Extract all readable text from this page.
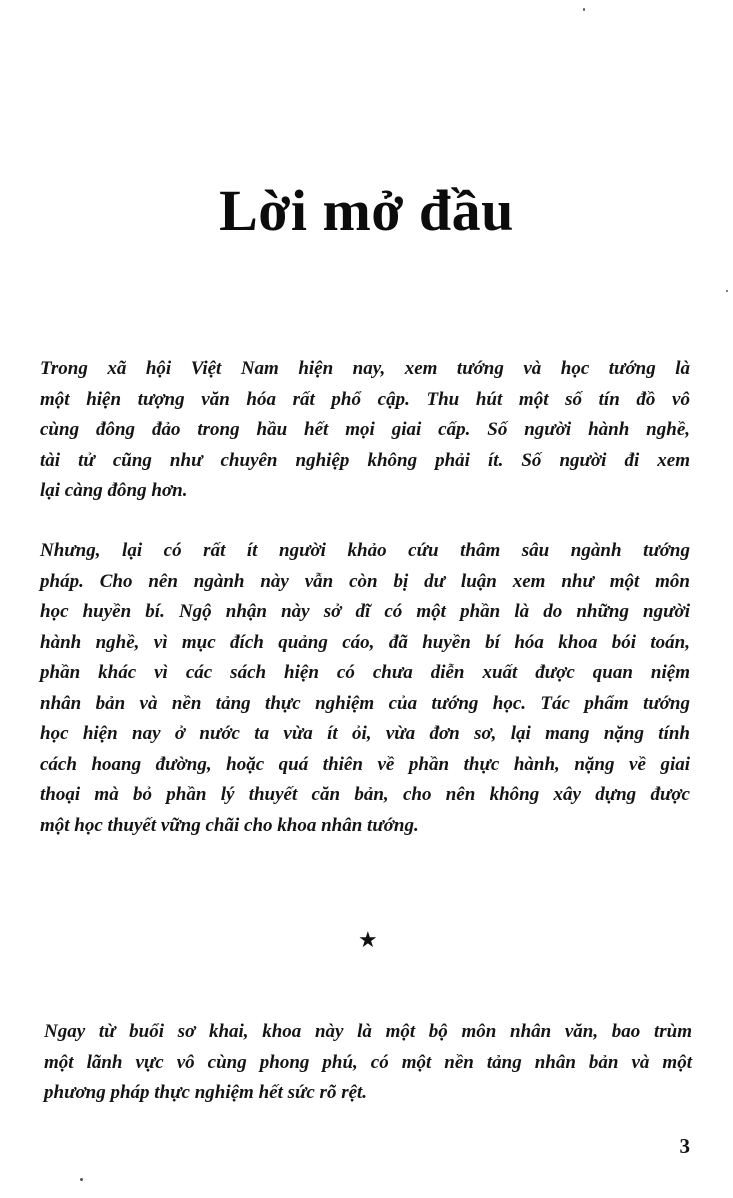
Lời mở đầu
Trong xã hội Việt Nam hiện nay, xem tướng và học tướng là
một hiện tượng văn hóa rất phổ cập. Thu hút một số tín đồ vô
cùng đông đảo trong hầu hết mọi giai cấp. Số người hành nghề,
tài tử cũng như chuyên nghiệp không phải ít. Số người đi xem
lại càng đông hơn.
Nhưng, lại có rất ít người khảo cứu thâm sâu ngành tướng
pháp. Cho nên ngành này vẫn còn bị dư luận xem như một môn
học huyền bí. Ngộ nhận này sở dĩ có một phần là do những người
hành nghề, vì mục đích quảng cáo, đã huyền bí hóa khoa bói toán,
phần khác vì các sách hiện có chưa diễn xuất được quan niệm
nhân bản và nền tảng thực nghiệm của tướng học. Tác phẩm tướng
học hiện nay ở nước ta vừa ít ỏi, vừa đơn sơ, lại mang nặng tính
cách hoang đường, hoặc quá thiên về phần thực hành, nặng về giai
thoại mà bỏ phần lý thuyết căn bản, cho nên không xây dựng được
một học thuyết vững chãi cho khoa nhân tướng.
★
Ngay từ buổi sơ khai, khoa này là một bộ môn nhân văn, bao trùm
một lãnh vực vô cùng phong phú, có một nền tảng nhân bản và một
phương pháp thực nghiệm hết sức rõ rệt.
3
